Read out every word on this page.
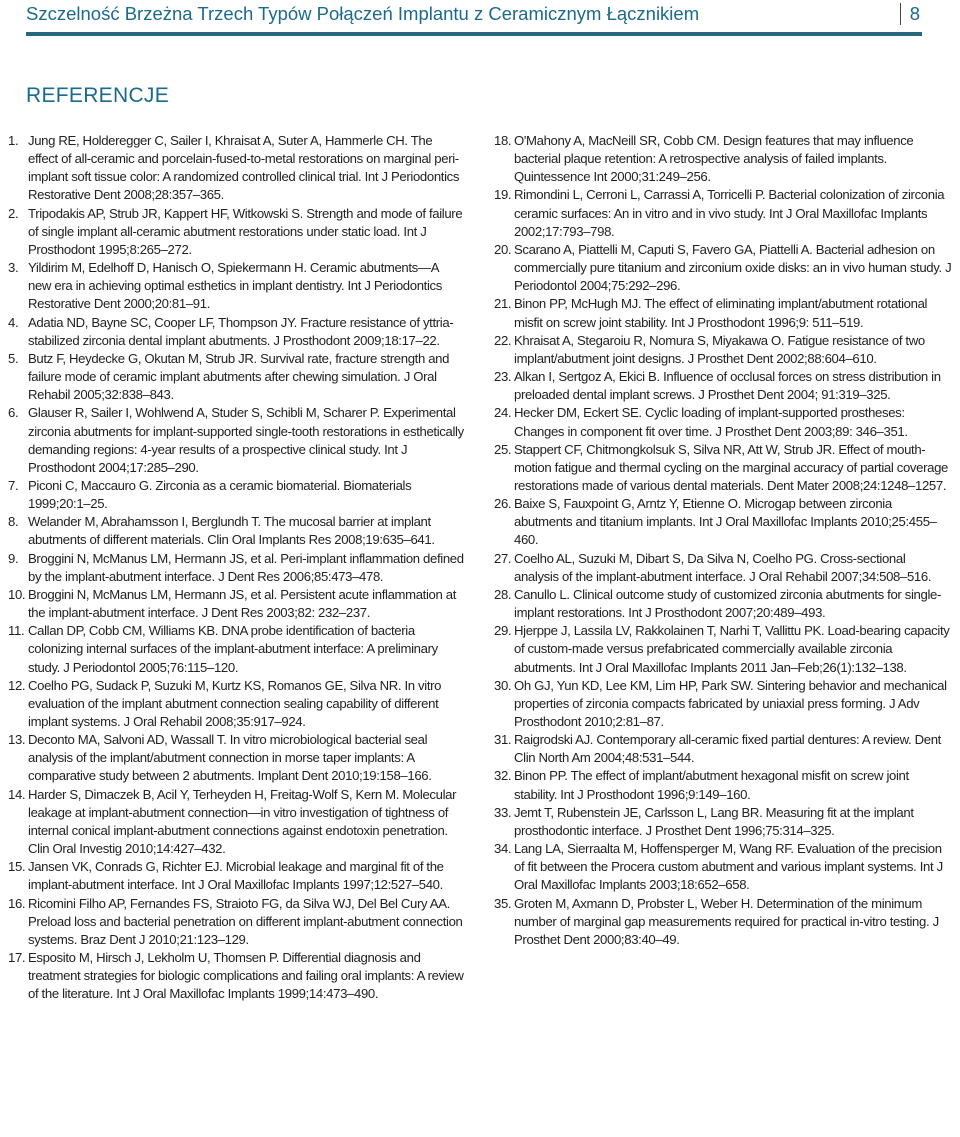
Szczelność Brzeżna Trzech Typów Połączeń Implantu z Ceramicznym Łącznikiem	8
REFERENCJE

1. Jung RE, Holderegger C, Sailer I, Khraisat A, Suter A, Hammerle CH. The effect of all-ceramic and porcelain-fused-to-metal restorations on marginal peri-implant soft tissue color: A randomized controlled clinical trial. Int J Periodontics Restorative Dent 2008;28:357–365.

2. Tripodakis AP, Strub JR, Kappert HF, Witkowski S. Strength and mode of failure of single implant all-ceramic abutment restorations under static load. Int J Prosthodont 1995;8:265–272.

3. Yildirim M, Edelhoff D, Hanisch O, Spiekermann H. Ceramic abutments—A new era in achieving optimal esthetics in implant dentistry. Int J Periodontics Restorative Dent 2000;20:81–91.

4. Adatia ND, Bayne SC, Cooper LF, Thompson JY. Fracture resistance of yttria-stabilized zirconia dental implant abutments. J Prosthodont 2009;18:17–22.

5. Butz F, Heydecke G, Okutan M, Strub JR. Survival rate, fracture strength and failure mode of ceramic implant abutments after chewing simulation. J Oral Rehabil 2005;32:838–843.

6. Glauser R, Sailer I, Wohlwend A, Studer S, Schibli M, Scharer P. Experimental zirconia abutments for implant-supported single-tooth restorations in esthetically demanding regions: 4-year results of a prospective clinical study. Int J Prosthodont 2004;17:285–290.

7. Piconi C, Maccauro G. Zirconia as a ceramic biomaterial. Biomaterials 1999;20:1–25.

8. Welander M, Abrahamsson I, Berglundh T. The mucosal barrier at implant abutments of different materials. Clin Oral Implants Res 2008;19:635–641.

9. Broggini N, McManus LM, Hermann JS, et al. Peri-implant inflammation defined by the implant-abutment interface. J Dent Res 2006;85:473–478.

10. Broggini N, McManus LM, Hermann JS, et al. Persistent acute inflammation at the implant-abutment interface. J Dent Res 2003;82: 232–237.

11. Callan DP, Cobb CM, Williams KB. DNA probe identification of bacteria colonizing internal surfaces of the implant-abutment interface: A preliminary study. J Periodontol 2005;76:115–120.

12. Coelho PG, Sudack P, Suzuki M, Kurtz KS, Romanos GE, Silva NR. In vitro evaluation of the implant abutment connection sealing capability of different implant systems. J Oral Rehabil 2008;35:917–924.

13. Deconto MA, Salvoni AD, Wassall T. In vitro microbiological bacterial seal analysis of the implant/abutment connection in morse taper implants: A comparative study between 2 abutments. Implant Dent 2010;19:158–166.

14. Harder S, Dimaczek B, Acil Y, Terheyden H, Freitag-Wolf S, Kern M. Molecular leakage at implant-abutment connection—in vitro investigation of tightness of internal conical implant-abutment connections against endotoxin penetration. Clin Oral Investig 2010;14:427–432.

15. Jansen VK, Conrads G, Richter EJ. Microbial leakage and marginal fit of the implant-abutment interface. Int J Oral Maxillofac Implants 1997;12:527–540.

16. Ricomini Filho AP, Fernandes FS, Straioto FG, da Silva WJ, Del Bel Cury AA. Preload loss and bacterial penetration on different implant-abutment connection systems. Braz Dent J 2010;21:123–129.

17. Esposito M, Hirsch J, Lekholm U, Thomsen P. Differential diagnosis and treatment strategies for biologic complications and failing oral implants: A review of the literature. Int J Oral Maxillofac Implants 1999;14:473–490.

18. O'Mahony A, MacNeill SR, Cobb CM. Design features that may influence bacterial plaque retention: A retrospective analysis of failed implants. Quintessence Int 2000;31:249–256.

19. Rimondini L, Cerroni L, Carrassi A, Torricelli P. Bacterial colonization of zirconia ceramic surfaces: An in vitro and in vivo study. Int J Oral Maxillofac Implants 2002;17:793–798.

20. Scarano A, Piattelli M, Caputi S, Favero GA, Piattelli A. Bacterial adhesion on commercially pure titanium and zirconium oxide disks: an in vivo human study. J Periodontol 2004;75:292–296.

21. Binon PP, McHugh MJ. The effect of eliminating implant/abutment rotational misfit on screw joint stability. Int J Prosthodont 1996;9: 511–519.

22. Khraisat A, Stegaroiu R, Nomura S, Miyakawa O. Fatigue resistance of two implant/abutment joint designs. J Prosthet Dent 2002;88:604–610.

23. Alkan I, Sertgoz A, Ekici B. Influence of occlusal forces on stress distribution in preloaded dental implant screws. J Prosthet Dent 2004; 91:319–325.

24. Hecker DM, Eckert SE. Cyclic loading of implant-supported prostheses: Changes in component fit over time. J Prosthet Dent 2003;89: 346–351.

25. Stappert CF, Chitmongkolsuk S, Silva NR, Att W, Strub JR. Effect of mouth-motion fatigue and thermal cycling on the marginal accuracy of partial coverage restorations made of various dental materials. Dent Mater 2008;24:1248–1257.

26. Baixe S, Fauxpoint G, Arntz Y, Etienne O. Microgap between zirconia abutments and titanium implants. Int J Oral Maxillofac Implants 2010;25:455–460.

27. Coelho AL, Suzuki M, Dibart S, Da Silva N, Coelho PG. Cross-sectional analysis of the implant-abutment interface. J Oral Rehabil 2007;34:508–516.

28. Canullo L. Clinical outcome study of customized zirconia abutments for single-implant restorations. Int J Prosthodont 2007;20:489–493.

29. Hjerppe J, Lassila LV, Rakkolainen T, Narhi T, Vallittu PK. Load-bearing capacity of custom-made versus prefabricated commercially available zirconia abutments. Int J Oral Maxillofac Implants 2011 Jan–Feb;26(1):132–138.

30. Oh GJ, Yun KD, Lee KM, Lim HP, Park SW. Sintering behavior and mechanical properties of zirconia compacts fabricated by uniaxial press forming. J Adv Prosthodont 2010;2:81–87.

31. Raigrodski AJ. Contemporary all-ceramic fixed partial dentures: A review. Dent Clin North Am 2004;48:531–544.

32. Binon PP. The effect of implant/abutment hexagonal misfit on screw joint stability. Int J Prosthodont 1996;9:149–160.

33. Jemt T, Rubenstein JE, Carlsson L, Lang BR. Measuring fit at the implant prosthodontic interface. J Prosthet Dent 1996;75:314–325.

34. Lang LA, Sierraalta M, Hoffensperger M, Wang RF. Evaluation of the precision of fit between the Procera custom abutment and various implant systems. Int J Oral Maxillofac Implants 2003;18:652–658.

35. Groten M, Axmann D, Probster L, Weber H. Determination of the minimum number of marginal gap measurements required for practical in-vitro testing. J Prosthet Dent 2000;83:40–49.
